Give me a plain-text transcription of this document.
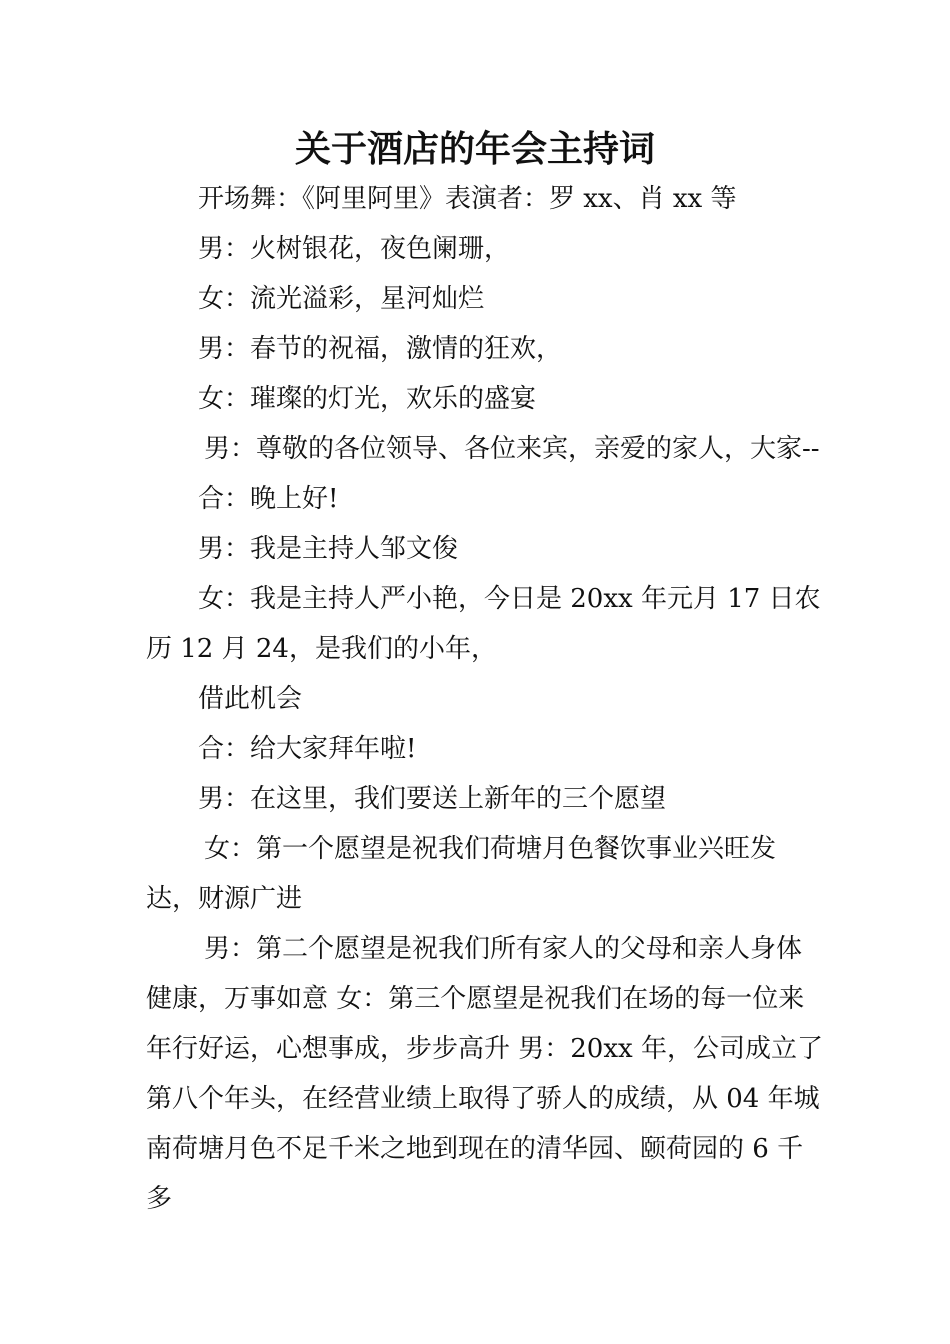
关于酒店的年会主持词

开场舞：《阿里阿里》表演者：罗 xx、肖 xx 等

男：火树银花，夜色阑珊，

女：流光溢彩，星河灿烂

男：春节的祝福，激情的狂欢，

女：璀璨的灯光，欢乐的盛宴

男：尊敬的各位领导、各位来宾，亲爱的家人，大家--

合：晚上好!

男：我是主持人邹文俊

女：我是主持人严小艳，今日是 20xx 年元月 17 日农历 12 月 24，是我们的小年，

借此机会

合：给大家拜年啦!

男：在这里，我们要送上新年的三个愿望

女：第一个愿望是祝我们荷塘月色餐饮事业兴旺发达，财源广进

男：第二个愿望是祝我们所有家人的父母和亲人身体健康，万事如意 女：第三个愿望是祝我们在场的每一位来年行好运，心想事成，步步高升 男：20xx 年，公司成立了第八个年头，在经营业绩上取得了骄人的成绩，从 04 年城南荷塘月色不足千米之地到现在的清华园、颐荷园的 6 千多
